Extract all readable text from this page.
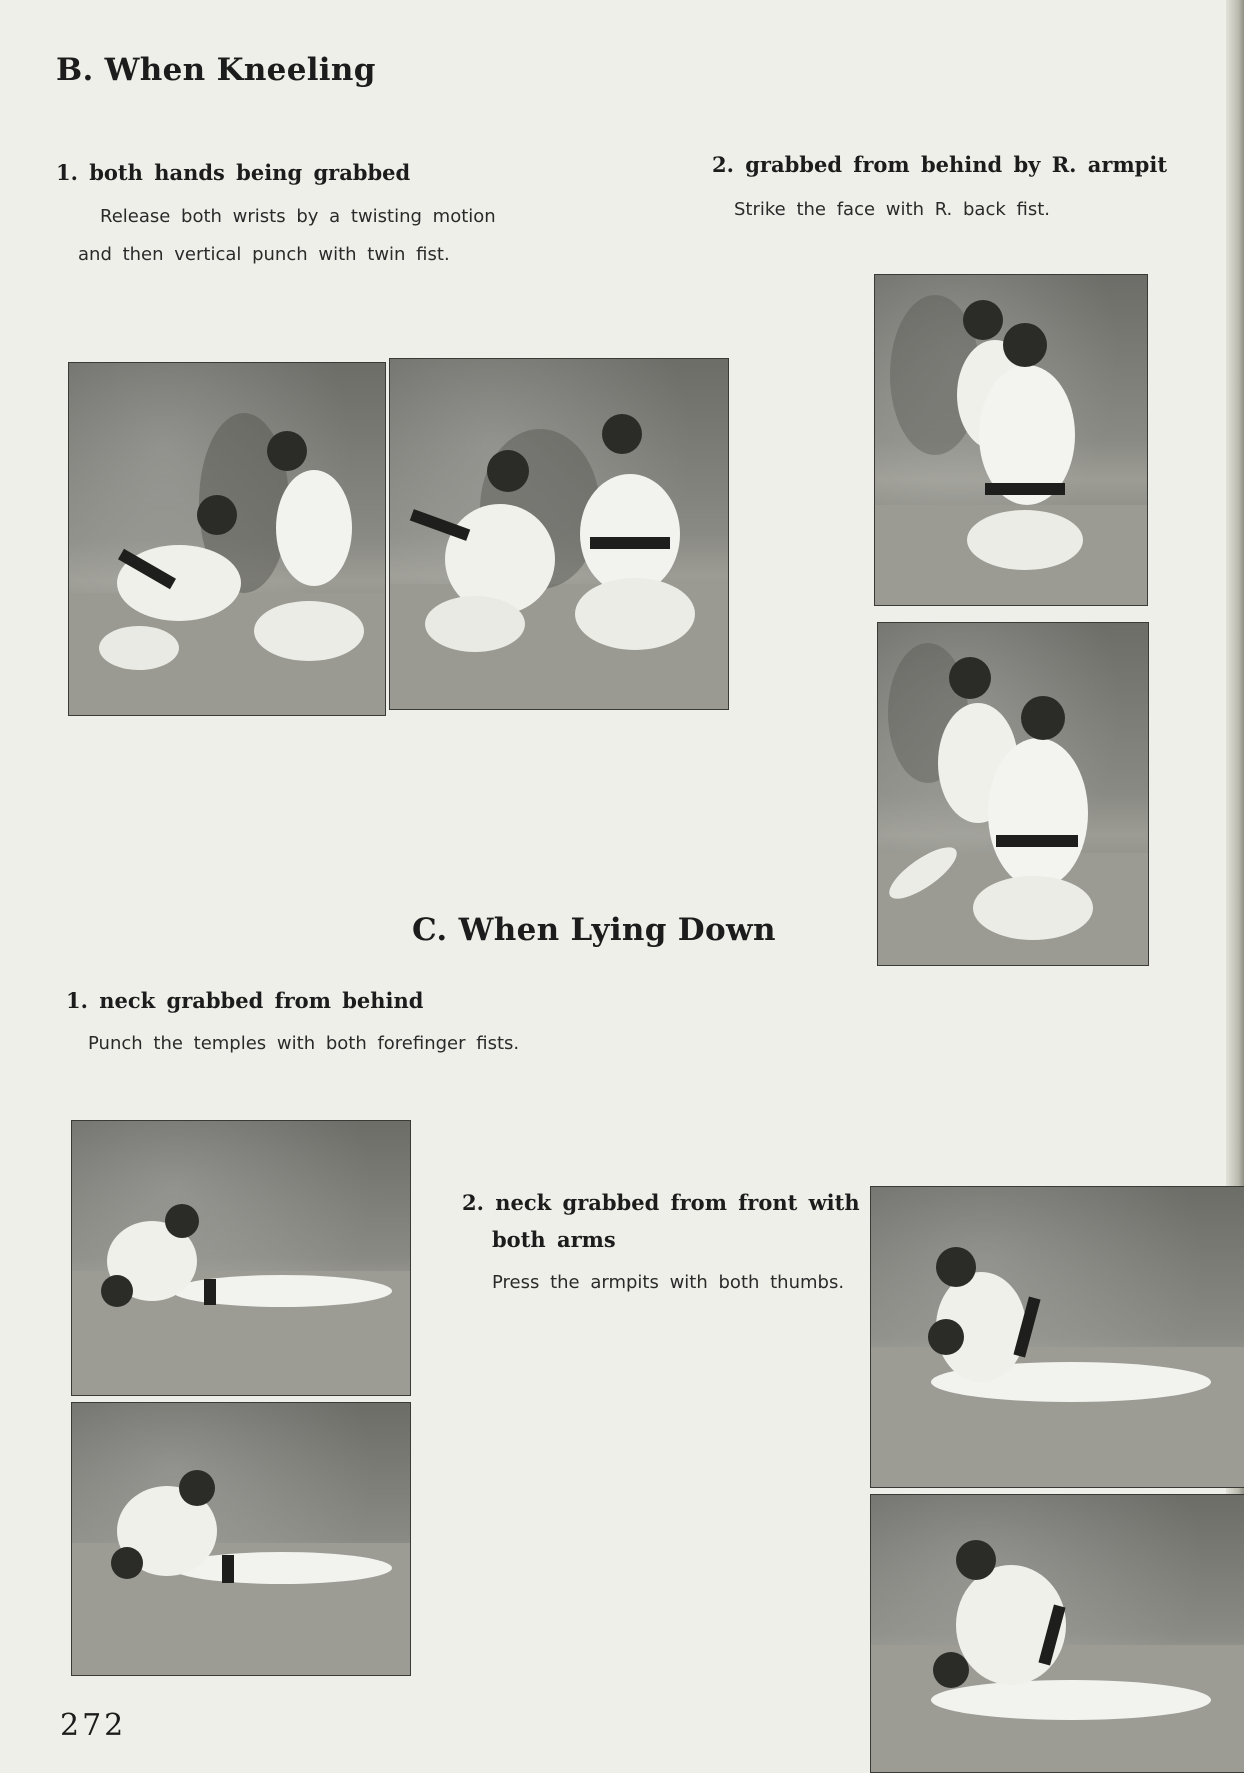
B. When Kneeling
1. both hands being grabbed

Release both wrists by a twisting motion

and then vertical punch with twin fist.

2. grabbed from behind by R. armpit

Strike the face with R. back fist.

C. When Lying Down
1. neck grabbed from behind

Punch the temples with both forefinger fists.

2. neck grabbed from front with
both arms

Press the armpits with both thumbs.

272
